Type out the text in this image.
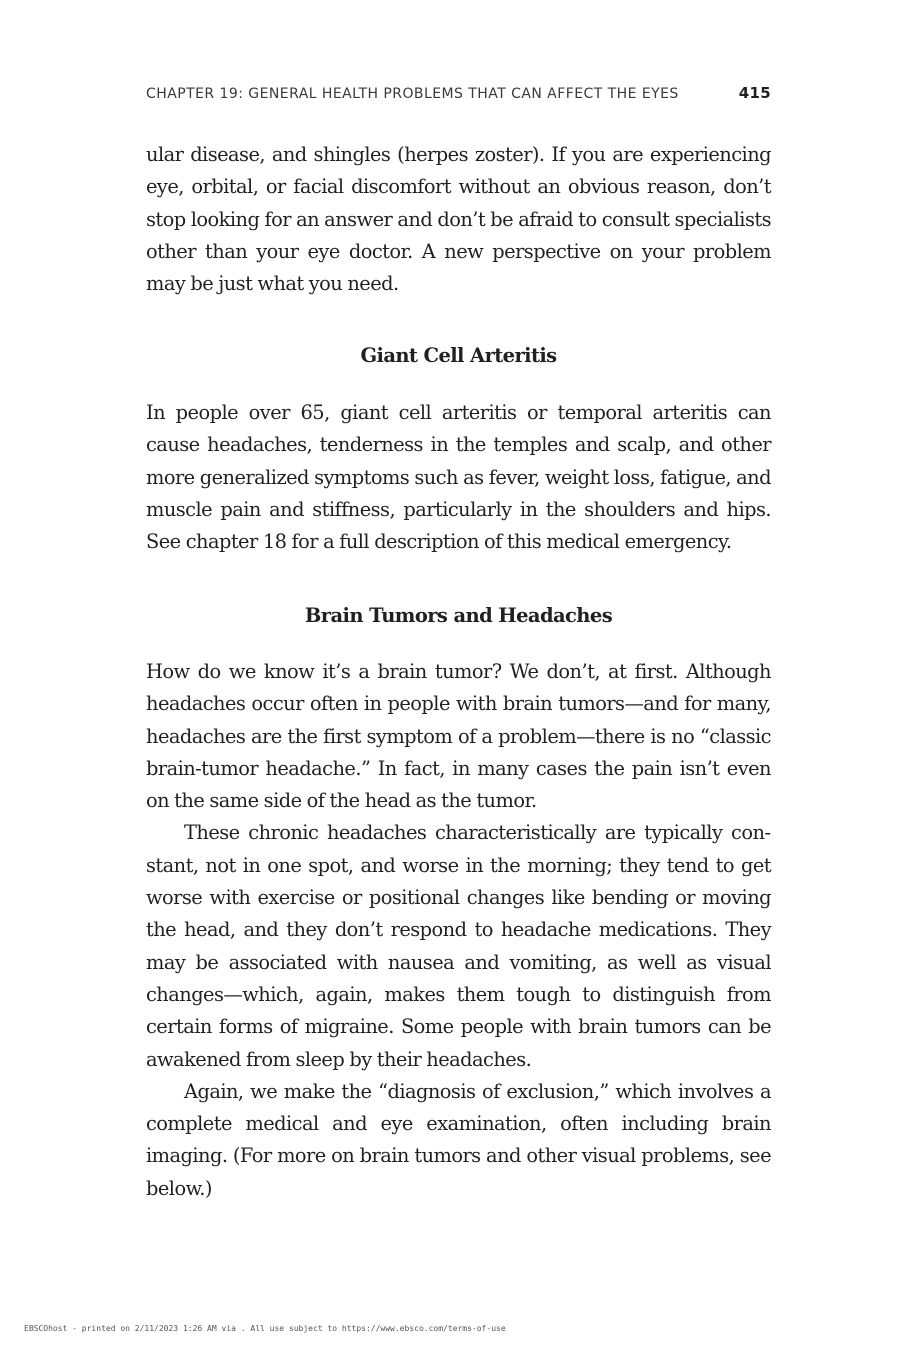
CHAPTER 19: GENERAL HEALTH PROBLEMS THAT CAN AFFECT THE EYES	415

ular disease, and shingles (herpes zoster). If you are experiencing eye, orbital, or facial discomfort without an obvious reason, don’t stop looking for an answer and don’t be afraid to consult specialists other than your eye doctor. A new perspective on your problem may be just what you need.

Giant Cell Arteritis

In people over 65, giant cell arteritis or temporal arteritis can cause headaches, tenderness in the temples and scalp, and other more generalized symptoms such as fever, weight loss, fatigue, and muscle pain and stiffness, particularly in the shoulders and hips. See chapter 18 for a full description of this medical emergency.

Brain Tumors and Headaches

How do we know it’s a brain tumor? We don’t, at first. Although headaches occur often in people with brain tumors—and for many, headaches are the first symptom of a problem—there is no “classic brain-tumor headache.” In fact, in many cases the pain isn’t even on the same side of the head as the tumor.

These chronic headaches characteristically are typically constant, not in one spot, and worse in the morning; they tend to get worse with exercise or positional changes like bending or moving the head, and they don’t respond to headache medications. They may be associated with nausea and vomiting, as well as visual changes—which, again, makes them tough to distinguish from certain forms of migraine. Some people with brain tumors can be awakened from sleep by their headaches.

Again, we make the “diagnosis of exclusion,” which involves a complete medical and eye examination, often including brain imaging. (For more on brain tumors and other visual problems, see below.)

EBSCOhost - printed on 2/11/2023 1:26 AM via . All use subject to https://www.ebsco.com/terms-of-use
